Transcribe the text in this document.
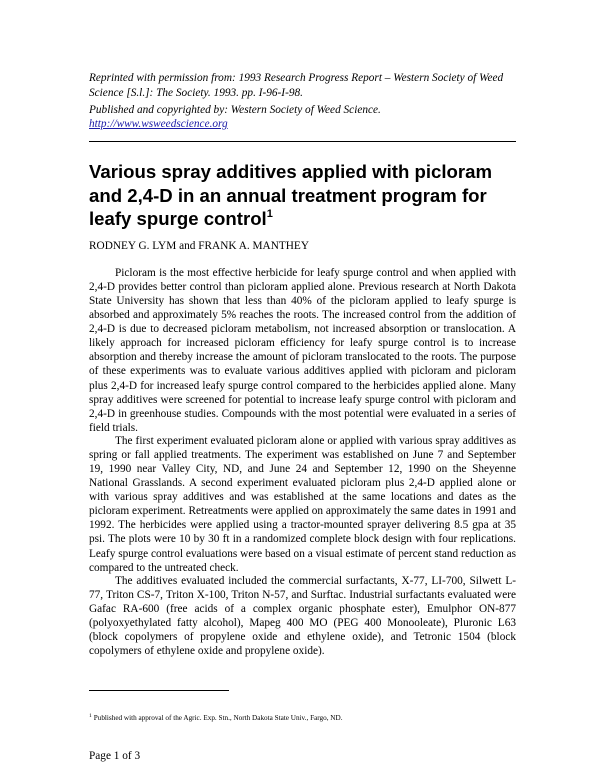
Reprinted with permission from: 1993 Research Progress Report – Western Society of Weed Science [S.l.]: The Society. 1993. pp. I-96-I-98.

Published and copyrighted by: Western Society of Weed Science.

http://www.wsweedscience.org

Various spray additives applied with picloram and 2,4-D in an annual treatment program for leafy spurge control$^1$

RODNEY G. LYM and FRANK A. MANTHEY

Picloram is the most effective herbicide for leafy spurge control and when applied with 2,4-D provides better control than picloram applied alone. Previous research at North Dakota State University has shown that less than 40% of the picloram applied to leafy spurge is absorbed and approximately 5% reaches the roots. The increased control from the addition of 2,4-D is due to decreased picloram metabolism, not increased absorption or translocation. A likely approach for increased picloram efficiency for leafy spurge control is to increase absorption and thereby increase the amount of picloram translocated to the roots. The purpose of these experiments was to evaluate various additives applied with picloram and picloram plus 2,4-D for increased leafy spurge control compared to the herbicides applied alone. Many spray additives were screened for potential to increase leafy spurge control with picloram and 2,4-D in greenhouse studies. Compounds with the most potential were evaluated in a series of field trials.

The first experiment evaluated picloram alone or applied with various spray additives as spring or fall applied treatments. The experiment was established on June 7 and September 19, 1990 near Valley City, ND, and June 24 and September 12, 1990 on the Sheyenne National Grasslands. A second experiment evaluated picloram plus 2,4-D applied alone or with various spray additives and was established at the same locations and dates as the picloram experiment. Retreatments were applied on approximately the same dates in 1991 and 1992. The herbicides were applied using a tractor-mounted sprayer delivering 8.5 gpa at 35 psi. The plots were 10 by 30 ft in a randomized complete block design with four replications. Leafy spurge control evaluations were based on a visual estimate of percent stand reduction as compared to the untreated check.

The additives evaluated included the commercial surfactants, X-77, LI-700, Silwett L-77, Triton CS-7, Triton X-100, Triton N-57, and Surftac. Industrial surfactants evaluated were Gafac RA-600 (free acids of a complex organic phosphate ester), Emulphor ON-877 (polyoxyethylated fatty alcohol), Mapeg 400 MO (PEG 400 Monooleate), Pluronic L63 (block copolymers of propylene oxide and ethylene oxide), and Tetronic 1504 (block copolymers of ethylene oxide and propylene oxide).

$^1$ Published with approval of the Agric. Exp. Stn., North Dakota State Univ., Fargo, ND.

Page 1 of 3
